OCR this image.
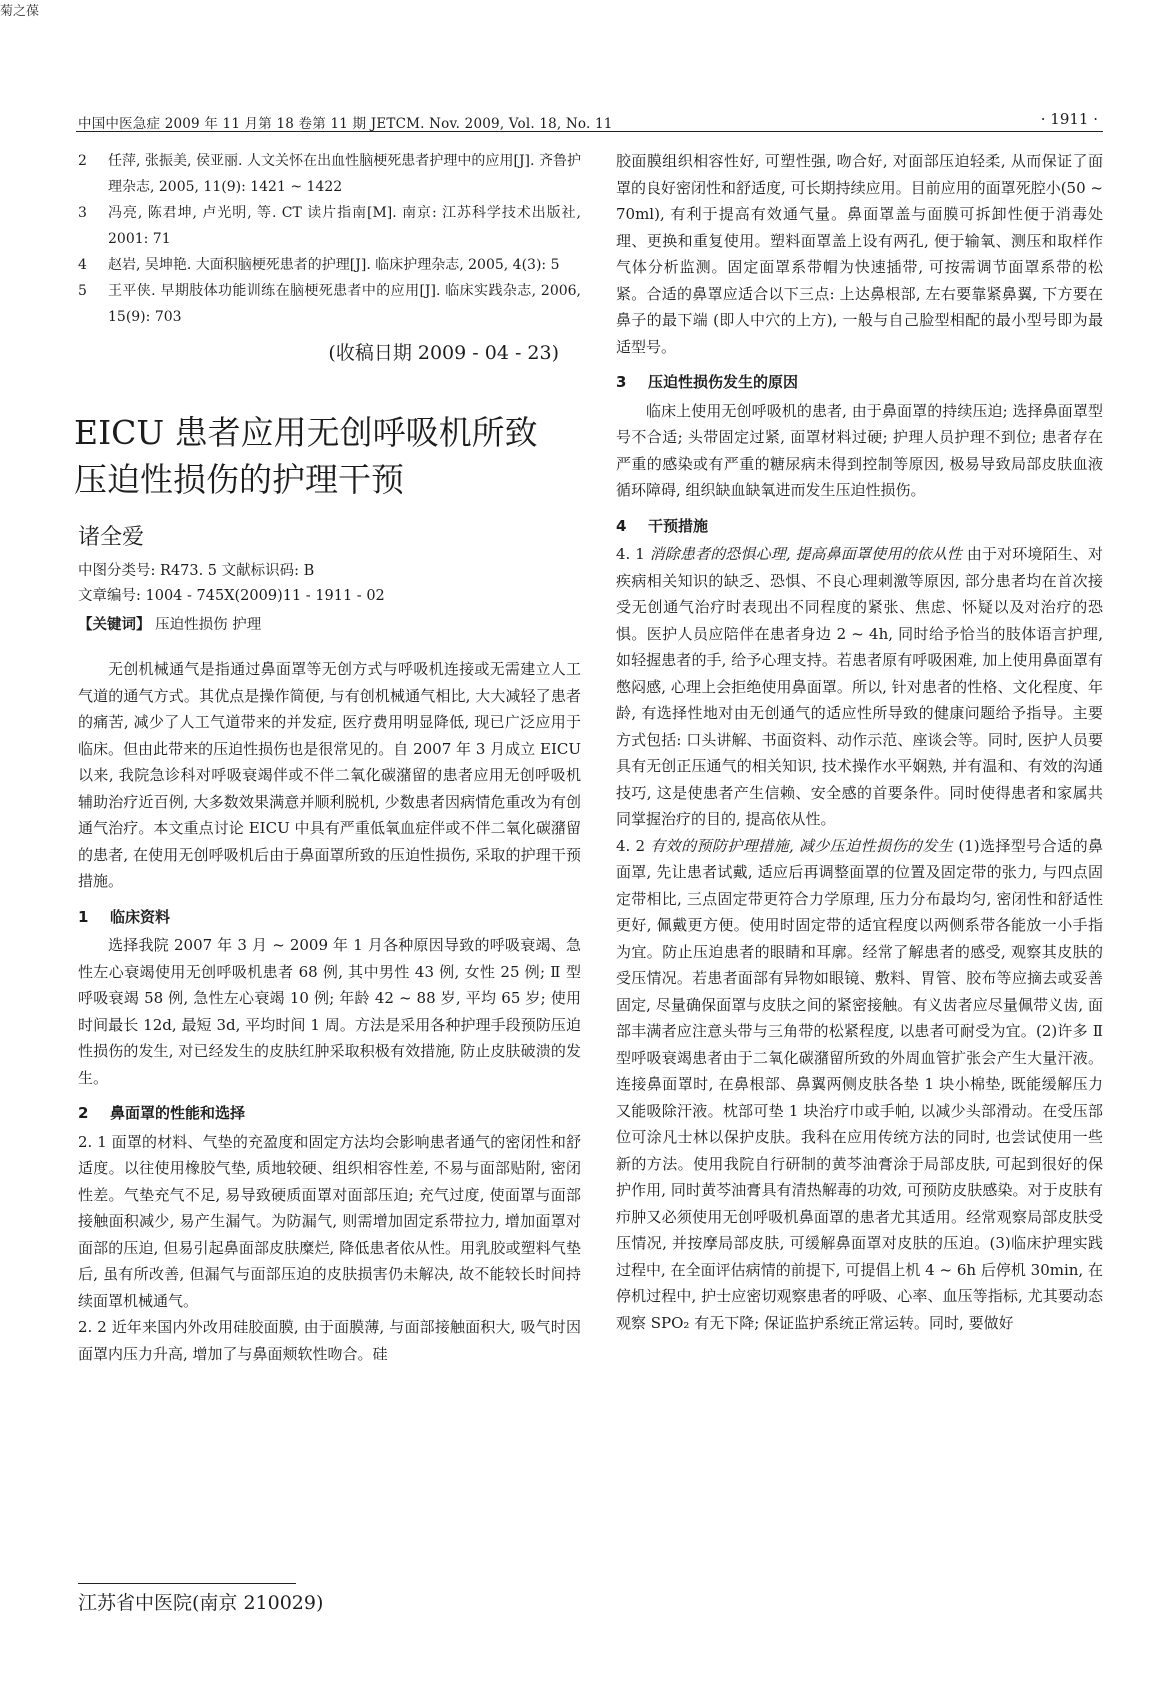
菊之葆
中国中医急症 2009 年 11 月第 18 卷第 11 期 JETCM. Nov. 2009, Vol. 18, No. 11	· 1911 ·
2 任萍, 张振美, 侯亚丽. 人文关怀在出血性脑梗死患者护理中的应用[J]. 齐鲁护理杂志, 2005, 11(9): 1421 ~ 1422
3 冯亮, 陈君坤, 卢光明, 等. CT 读片指南[M]. 南京: 江苏科学技术出版社, 2001: 71
4 赵岩, 吴坤艳. 大面积脑梗死患者的护理[J]. 临床护理杂志, 2005, 4(3): 5
5 王平侠. 早期肢体功能训练在脑梗死患者中的应用[J]. 临床实践杂志, 2006, 15(9): 703
(收稿日期 2009 - 04 - 23)
EICU 患者应用无创呼吸机所致
压迫性损伤的护理干预
诸全爱
中图分类号: R473. 5 文献标识码: B
文章编号: 1004 - 745X(2009)11 - 1911 - 02
【关键词】 压迫性损伤 护理

无创机械通气是指通过鼻面罩等无创方式与呼吸机连接或无需建立人工气道的通气方式。其优点是操作简便, 与有创机械通气相比, 大大减轻了患者的痛苦, 减少了人工气道带来的并发症, 医疗费用明显降低, 现已广泛应用于临床。但由此带来的压迫性损伤也是很常见的。自 2007 年 3 月成立 EICU 以来, 我院急诊科对呼吸衰竭伴或不伴二氧化碳潴留的患者应用无创呼吸机辅助治疗近百例, 大多数效果满意并顺利脱机, 少数患者因病情危重改为有创通气治疗。本文重点讨论 EICU 中具有严重低氧血症伴或不伴二氧化碳潴留的患者, 在使用无创呼吸机后由于鼻面罩所致的压迫性损伤, 采取的护理干预措施。

1 临床资料

选择我院 2007 年 3 月 ~ 2009 年 1 月各种原因导致的呼吸衰竭、急性左心衰竭使用无创呼吸机患者 68 例, 其中男性 43 例, 女性 25 例; Ⅱ 型呼吸衰竭 58 例, 急性左心衰竭 10 例; 年龄 42 ~ 88 岁, 平均 65 岁; 使用时间最长 12d, 最短 3d, 平均时间 1 周。方法是采用各种护理手段预防压迫性损伤的发生, 对已经发生的皮肤红肿采取积极有效措施, 防止皮肤破溃的发生。

2 鼻面罩的性能和选择

2. 1 面罩的材料、气垫的充盈度和固定方法均会影响患者通气的密闭性和舒适度。以往使用橡胶气垫, 质地较硬、组织相容性差, 不易与面部贴附, 密闭性差。气垫充气不足, 易导致硬质面罩对面部压迫; 充气过度, 使面罩与面部接触面积减少, 易产生漏气。为防漏气, 则需增加固定系带拉力, 增加面罩对面部的压迫, 但易引起鼻面部皮肤糜烂, 降低患者依从性。用乳胶或塑料气垫后, 虽有所改善, 但漏气与面部压迫的皮肤损害仍未解决, 故不能较长时间持续面罩机械通气。

2. 2 近年来国内外改用硅胶面膜, 由于面膜薄, 与面部接触面积大, 吸气时因面罩内压力升高, 增加了与鼻面颊软性吻合。硅

胶面膜组织相容性好, 可塑性强, 吻合好, 对面部压迫轻柔, 从而保证了面罩的良好密闭性和舒适度, 可长期持续应用。目前应用的面罩死腔小(50 ~ 70ml), 有利于提高有效通气量。鼻面罩盖与面膜可拆卸性便于消毒处理、更换和重复使用。塑料面罩盖上设有两孔, 便于输氧、测压和取样作气体分析监测。固定面罩系带帽为快速插带, 可按需调节面罩系带的松紧。合适的鼻罩应适合以下三点: 上达鼻根部, 左右要靠紧鼻翼, 下方要在鼻子的最下端 (即人中穴的上方), 一般与自己脸型相配的最小型号即为最适型号。

3 压迫性损伤发生的原因

临床上使用无创呼吸机的患者, 由于鼻面罩的持续压迫; 选择鼻面罩型号不合适; 头带固定过紧, 面罩材料过硬; 护理人员护理不到位; 患者存在严重的感染或有严重的糖尿病未得到控制等原因, 极易导致局部皮肤血液循环障碍, 组织缺血缺氧进而发生压迫性损伤。

4 干预措施

4. 1 消除患者的恐惧心理, 提高鼻面罩使用的依从性 由于对环境陌生、对疾病相关知识的缺乏、恐惧、不良心理刺激等原因, 部分患者均在首次接受无创通气治疗时表现出不同程度的紧张、焦虑、怀疑以及对治疗的恐惧。医护人员应陪伴在患者身边 2 ~ 4h, 同时给予恰当的肢体语言护理, 如轻握患者的手, 给予心理支持。若患者原有呼吸困难, 加上使用鼻面罩有憋闷感, 心理上会拒绝使用鼻面罩。所以, 针对患者的性格、文化程度、年龄, 有选择性地对由无创通气的适应性所导致的健康问题给予指导。主要方式包括: 口头讲解、书面资料、动作示范、座谈会等。同时, 医护人员要具有无创正压通气的相关知识, 技术操作水平娴熟, 并有温和、有效的沟通技巧, 这是使患者产生信赖、安全感的首要条件。同时使得患者和家属共同掌握治疗的目的, 提高依从性。

4. 2 有效的预防护理措施, 减少压迫性损伤的发生 (1)选择型号合适的鼻面罩, 先让患者试戴, 适应后再调整面罩的位置及固定带的张力, 与四点固定带相比, 三点固定带更符合力学原理, 压力分布最均匀, 密闭性和舒适性更好, 佩戴更方便。使用时固定带的适宜程度以两侧系带各能放一小手指为宜。防止压迫患者的眼睛和耳廓。经常了解患者的感受, 观察其皮肤的受压情况。若患者面部有异物如眼镜、敷料、胃管、胶布等应摘去或妥善固定, 尽量确保面罩与皮肤之间的紧密接触。有义齿者应尽量佩带义齿, 面部丰满者应注意头带与三角带的松紧程度, 以患者可耐受为宜。(2)许多 Ⅱ 型呼吸衰竭患者由于二氧化碳潴留所致的外周血管扩张会产生大量汗液。连接鼻面罩时, 在鼻根部、鼻翼两侧皮肤各垫 1 块小棉垫, 既能缓解压力又能吸除汗液。枕部可垫 1 块治疗巾或手帕, 以减少头部滑动。在受压部位可涂凡士林以保护皮肤。我科在应用传统方法的同时, 也尝试使用一些新的方法。使用我院自行研制的黄芩油膏涂于局部皮肤, 可起到很好的保护作用, 同时黄芩油膏具有清热解毒的功效, 可预防皮肤感染。对于皮肤有疖肿又必须使用无创呼吸机鼻面罩的患者尤其适用。经常观察局部皮肤受压情况, 并按摩局部皮肤, 可缓解鼻面罩对皮肤的压迫。(3)临床护理实践过程中, 在全面评估病情的前提下, 可提倡上机 4 ~ 6h 后停机 30min, 在停机过程中, 护士应密切观察患者的呼吸、心率、血压等指标, 尤其要动态观察 SPO₂ 有无下降; 保证监护系统正常运转。同时, 要做好

江苏省中医院(南京 210029)
